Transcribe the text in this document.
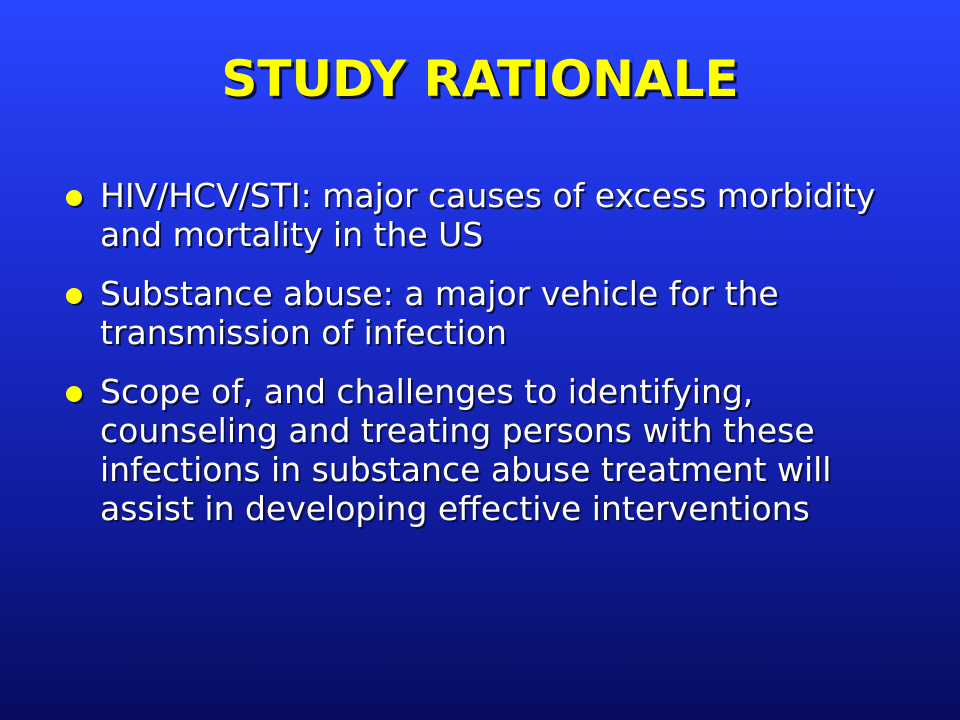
STUDY RATIONALE
HIV/HCV/STI: major causes of excess morbidity and mortality in the US
Substance abuse: a major vehicle for the transmission of infection
Scope of, and challenges to identifying, counseling and treating persons with these infections in substance abuse treatment will assist in developing effective interventions
